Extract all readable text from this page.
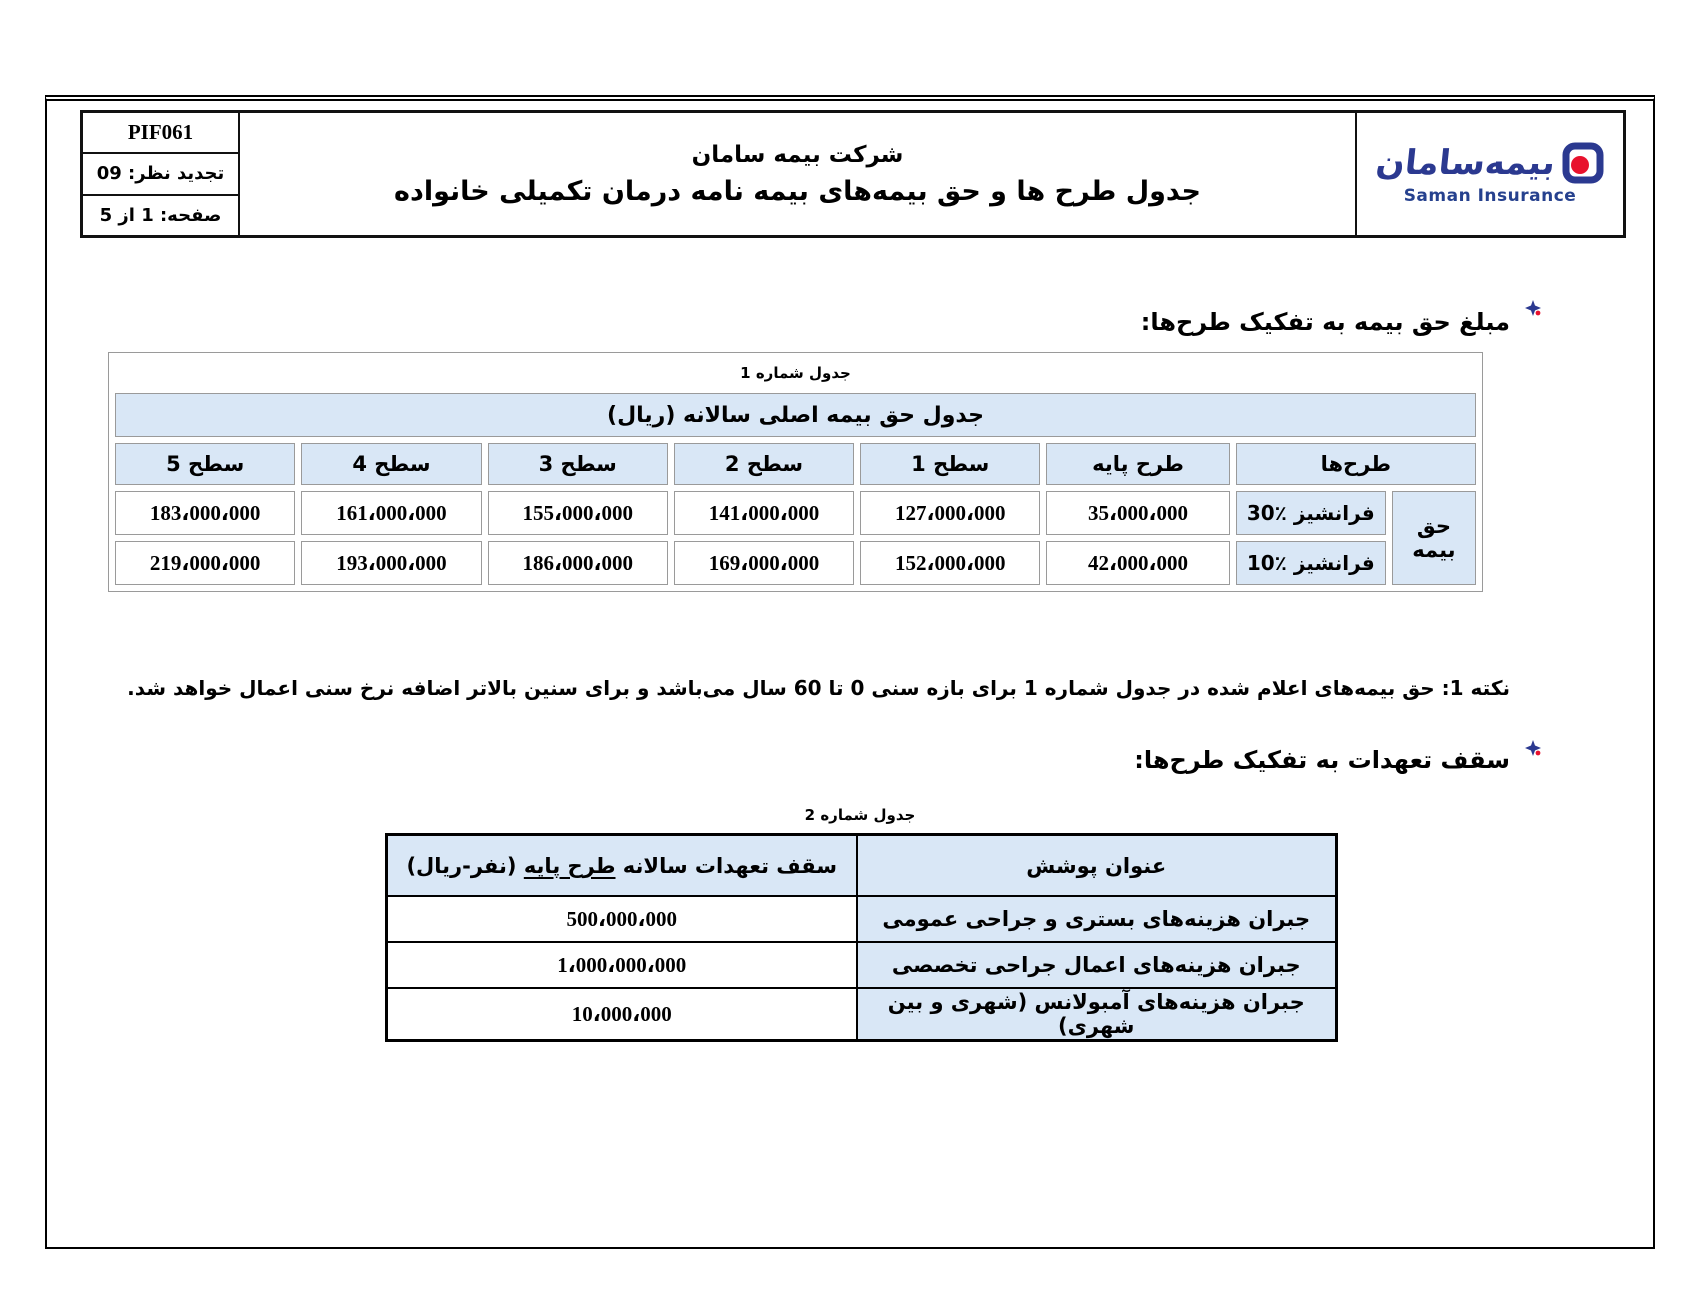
بیمه‌سامان
Saman Insurance
شرکت بیمه سامان
جدول طرح ها و حق بیمه‌های بیمه نامه درمان تکمیلی خانواده
PIF061
تجدید نظر: 09
صفحه: 1 از 5
مبلغ حق بیمه به تفکیک طرح‌ها:
جدول شماره 1							
جدول حق بیمه اصلی سالانه (ریال)							
طرح‌ها		طرح پایه	سطح 1	سطح 2	سطح 3	سطح 4	سطح 5
حق بیمه	فرانشیز ٪30	35،000،000	127،000،000	141،000،000	155،000،000	161،000،000	183،000،000
	فرانشیز ٪10	42،000،000	152،000،000	169،000،000	186،000،000	193،000،000	219،000،000
نکته 1: حق بیمه‌های اعلام شده در جدول شماره 1 برای بازه سنی 0 تا 60 سال می‌باشد و برای سنین بالاتر اضافه نرخ سنی اعمال خواهد شد.
سقف تعهدات به تفکیک طرح‌ها:
جدول شماره 2
عنوان پوشش	سقف تعهدات سالانه طرح پایه (نفر-ریال)
جبران هزینه‌های بستری و جراحی عمومی	500،000،000
جبران هزینه‌های اعمال جراحی تخصصی	1،000،000،000
جبران هزینه‌های آمبولانس (شهری و بین شهری)	10،000،000
